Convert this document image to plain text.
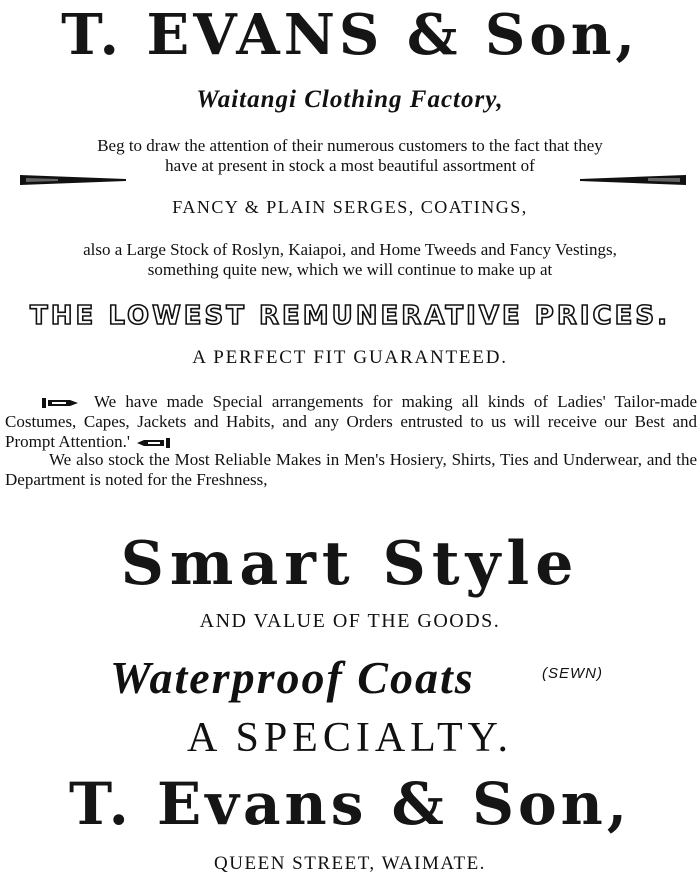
T. EVANS & Son,
Waitangi Clothing Factory,
Beg to draw the attention of their numerous customers to the fact that they
have at present in stock a most beautiful assortment of
FANCY & PLAIN SERGES, COATINGS,
also a Large Stock of Roslyn, Kaiapoi, and Home Tweeds and Fancy Vestings,
something quite new, which we will continue to make up at
THE LOWEST REMUNERATIVE PRICES.
A PERFECT FIT GUARANTEED.
We have made Special arrangements for making all kinds of Ladies' Tailor-made Costumes, Capes, Jackets and Habits, and any Orders entrusted to us will receive our Best and Prompt Attention.'
We also stock the Most Reliable Makes in Men's Hosiery, Shirts, Ties and Underwear, and the Department is noted for the Freshness,
Smart Style
AND VALUE OF THE GOODS.
Waterproof Coats	(SEWN)
A SPECIALTY.
T. Evans & Son,
QUEEN STREET, WAIMATE.
